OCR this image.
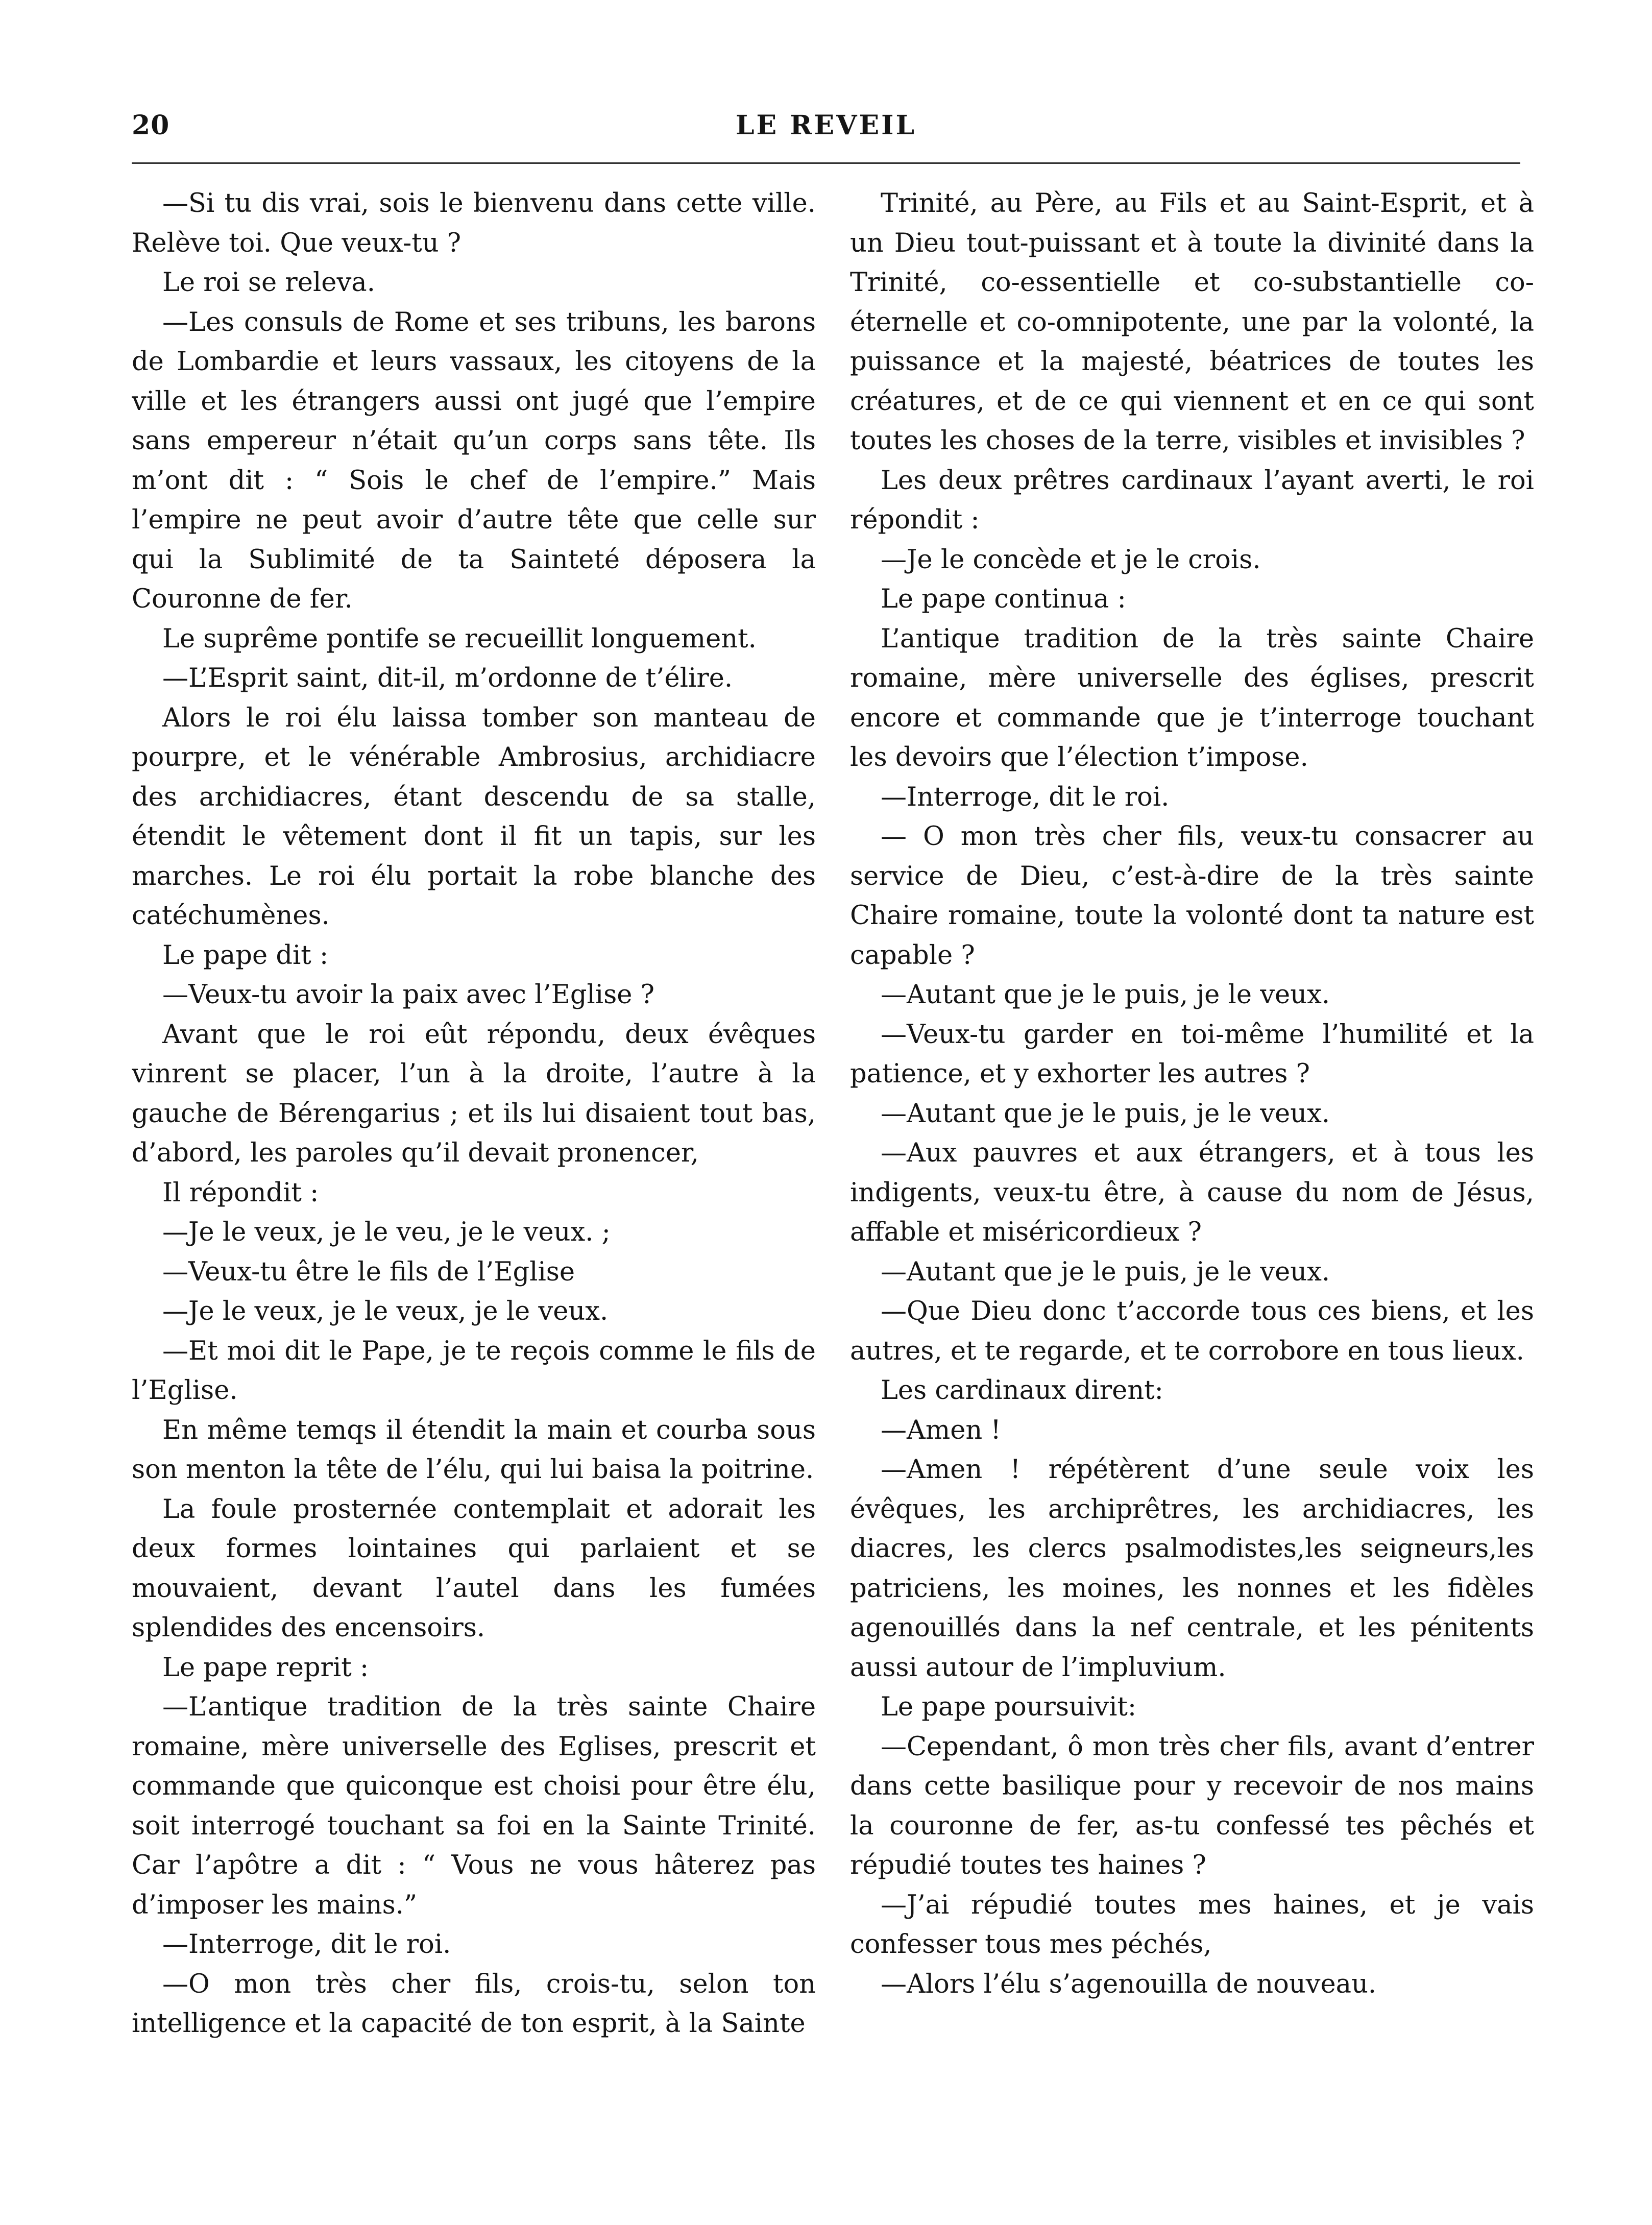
20	LE REVEIL

—Si tu dis vrai, sois le bienvenu dans cette ville. Relève toi. Que veux-tu ?

Le roi se releva.

—Les consuls de Rome et ses tribuns, les barons de Lombardie et leurs vassaux, les citoyens de la ville et les étrangers aussi ont jugé que l’empire sans empereur n’était qu’un corps sans tête. Ils m’ont dit : “ Sois le chef de l’empire.” Mais l’empire ne peut avoir d’autre tête que celle sur qui la Sublimité de ta Sainteté déposera la Couronne de fer.

Le suprême pontife se recueillit longuement.

—L’Esprit saint, dit-il, m’ordonne de t’élire.

Alors le roi élu laissa tomber son manteau de pourpre, et le vénérable Ambrosius, archidiacre des archidiacres, étant descendu de sa stalle, étendit le vêtement dont il fit un tapis, sur les marches. Le roi élu portait la robe blanche des catéchumènes.

Le pape dit :

—Veux-tu avoir la paix avec l’Eglise ?

Avant que le roi eût répondu, deux évêques vinrent se placer, l’un à la droite, l’autre à la gauche de Bérengarius ; et ils lui disaient tout bas, d’abord, les paroles qu’il devait pronencer,

Il répondit :

—Je le veux, je le veu, je le veux. ;

—Veux-tu être le fils de l’Eglise

—Je le veux, je le veux, je le veux.

—Et moi dit le Pape, je te reçois comme le fils de l’Eglise.

En même temqs il étendit la main et courba sous son menton la tête de l’élu, qui lui baisa la poitrine.

La foule prosternée contemplait et adorait les deux formes lointaines qui parlaient et se mouvaient, devant l’autel dans les fumées splendides des encensoirs.

Le pape reprit :

—L’antique tradition de la très sainte Chaire romaine, mère universelle des Eglises, prescrit et commande que quiconque est choisi pour être élu, soit interrogé touchant sa foi en la Sainte Trinité. Car l’apôtre a dit : “ Vous ne vous hâterez pas d’imposer les mains.”

—Interroge, dit le roi.

—O mon très cher fils, crois-tu, selon ton intelligence et la capacité de ton esprit, à la Sainte

Trinité, au Père, au Fils et au Saint-Esprit, et à un Dieu tout-puissant et à toute la divinité dans la Trinité, co-essentielle et co-substantielle co-éternelle et co-omnipotente, une par la volonté, la puissance et la majesté, béatrices de toutes les créatures, et de ce qui viennent et en ce qui sont toutes les choses de la terre, visibles et invisibles ?

Les deux prêtres cardinaux l’ayant averti, le roi répondit :

—Je le concède et je le crois.

Le pape continua :

L’antique tradition de la très sainte Chaire romaine, mère universelle des églises, prescrit encore et commande que je t’interroge touchant les devoirs que l’élection t’impose.

—Interroge, dit le roi.

— O mon très cher fils, veux-tu consacrer au service de Dieu, c’est-à-dire de la très sainte Chaire romaine, toute la volonté dont ta nature est capable ?

—Autant que je le puis, je le veux.

—Veux-tu garder en toi-même l’humilité et la patience, et y exhorter les autres ?

—Autant que je le puis, je le veux.

—Aux pauvres et aux étrangers, et à tous les indigents, veux-tu être, à cause du nom de Jésus, affable et miséricordieux ?

—Autant que je le puis, je le veux.

—Que Dieu donc t’accorde tous ces biens, et les autres, et te regarde, et te corrobore en tous lieux.

Les cardinaux dirent:

—Amen !

—Amen ! répétèrent d’une seule voix les évêques, les archiprêtres, les archidiacres, les diacres, les clercs psalmodistes,les seigneurs,les patriciens, les moines, les nonnes et les fidèles agenouillés dans la nef centrale, et les pénitents aussi autour de l’impluvium.

Le pape poursuivit:

—Cependant, ô mon très cher fils, avant d’entrer dans cette basilique pour y recevoir de nos mains la couronne de fer, as-tu confessé tes pêchés et répudié toutes tes haines ?

—J’ai répudié toutes mes haines, et je vais confesser tous mes péchés,

—Alors l’élu s’agenouilla de nouveau.
